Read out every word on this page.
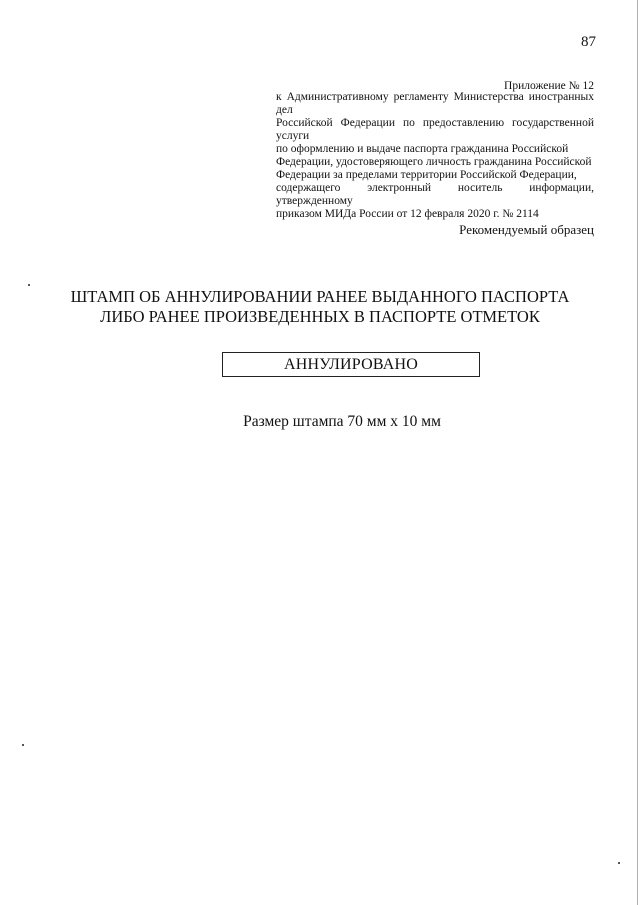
87
Приложение № 12
к Административному регламенту Министерства иностранных дел
Российской Федерации по предоставлению государственной услуги
по оформлению и выдаче паспорта гражданина Российской
Федерации, удостоверяющего личность гражданина Российской
Федерации за пределами территории Российской Федерации,
содержащего электронный носитель информации, утвержденному
приказом МИДа России от 12 февраля 2020 г. № 2114
Рекомендуемый образец
ШТАМП ОБ АННУЛИРОВАНИИ РАНЕЕ ВЫДАННОГО ПАСПОРТА
ЛИБО РАНЕЕ ПРОИЗВЕДЕННЫХ В ПАСПОРТЕ ОТМЕТОК
АННУЛИРОВАНО
Размер штампа 70 мм х 10 мм
